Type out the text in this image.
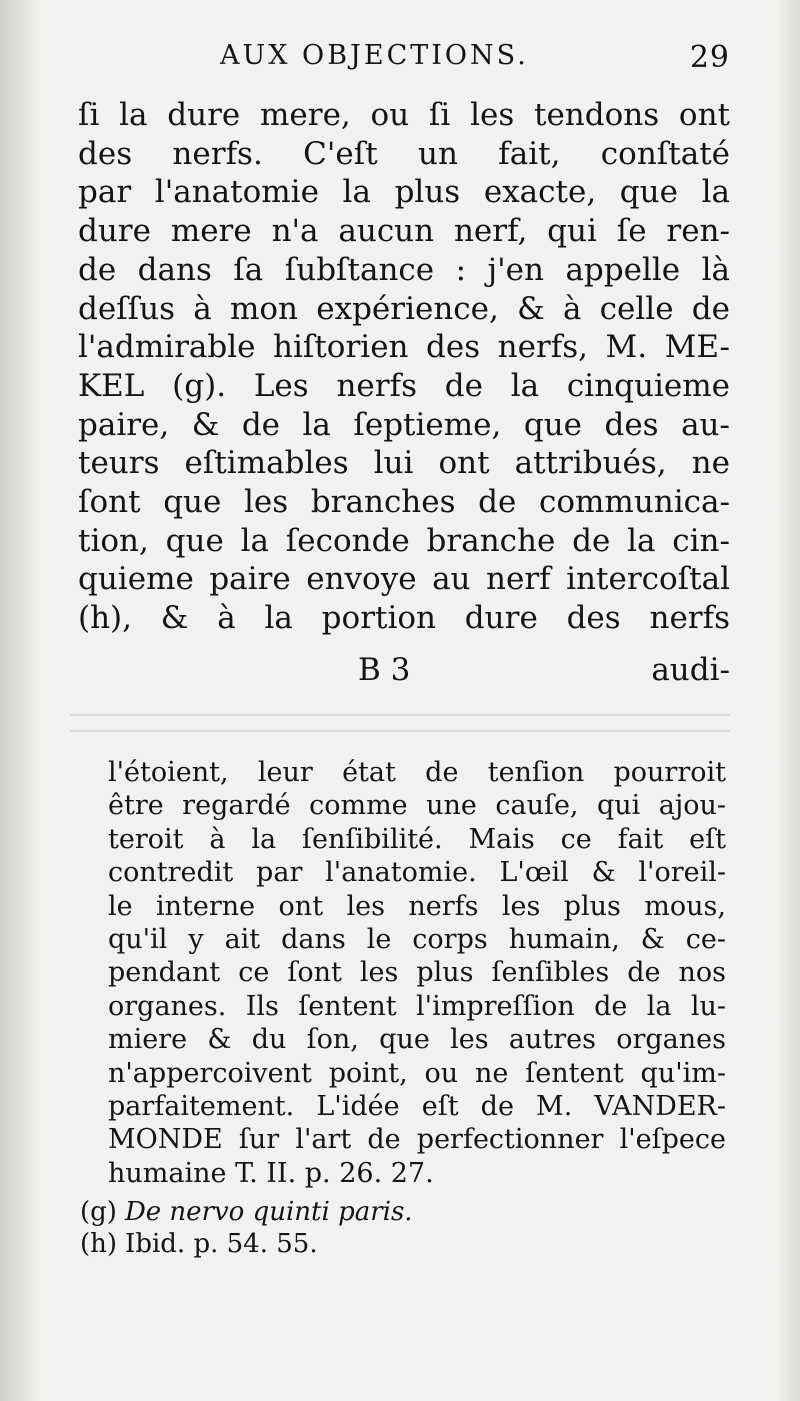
AUX OBJECTIONS.	29
ſi la dure mere, ou ſi les tendons ont
des nerfs. C'eſt un fait, conſtaté
par l'anatomie la plus exacte, que la
dure mere n'a aucun nerf, qui ſe ren-
de dans ſa ſubſtance : j'en appelle là
deſſus à mon expérience, & à celle de
l'admirable hiſtorien des nerfs, M. ME-
KEL (g). Les nerfs de la cinquieme
paire, & de la ſeptieme, que des au-
teurs eſtimables lui ont attribués, ne
ſont que les branches de communica-
tion, que la ſeconde branche de la cin-
quieme paire envoye au nerf intercoſtal
(h), & à la portion dure des nerfs
B 3	audi-
l'étoient, leur état de tenſion pourroit
être regardé comme une cauſe, qui ajou-
teroit à la ſenſibilité. Mais ce fait eſt
contredit par l'anatomie. L'œil & l'oreil-
le interne ont les nerfs les plus mous,
qu'il y ait dans le corps humain, & ce-
pendant ce ſont les plus ſenſibles de nos
organes. Ils ſentent l'impreſſion de la lu-
miere & du ſon, que les autres organes
n'appercoivent point, ou ne ſentent qu'im-
parfaitement. L'idée eſt de M. VANDER-
MONDE ſur l'art de perfectionner l'eſpece
humaine T. II. p. 26. 27.
(g) De nervo quinti paris.
(h) Ibid. p. 54. 55.
